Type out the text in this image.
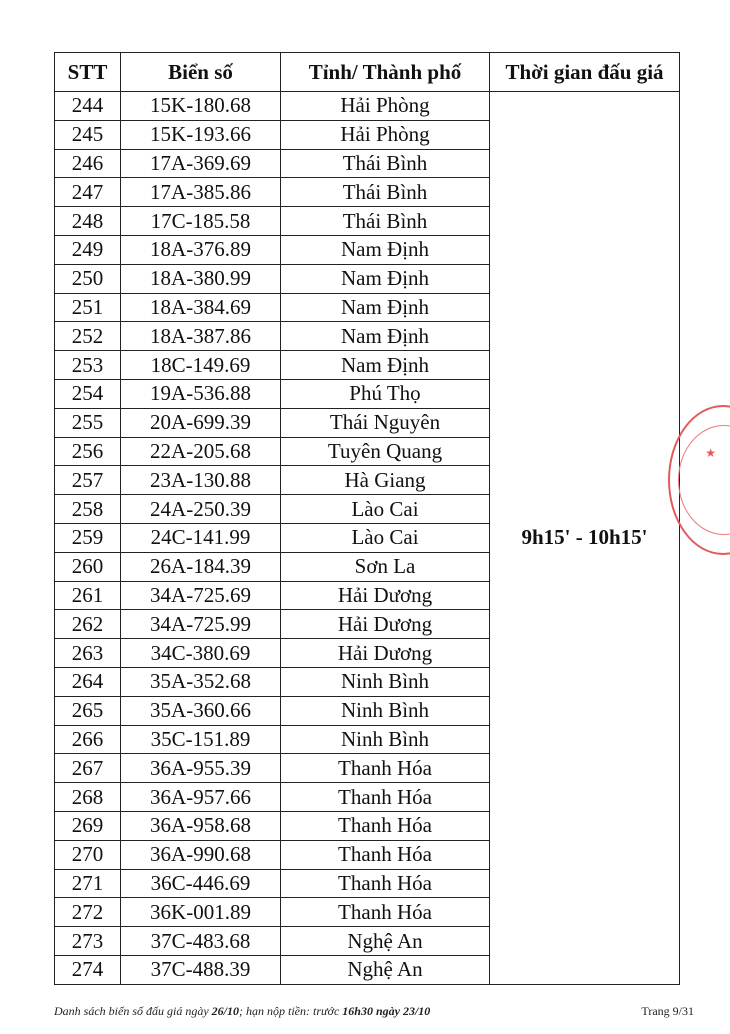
STT	Biển số	Tỉnh/ Thành phố	Thời gian đấu giá
244	15K-180.68	Hải Phòng	9h15' - 10h15'
245	15K-193.66	Hải Phòng	
246	17A-369.69	Thái Bình	
247	17A-385.86	Thái Bình	
248	17C-185.58	Thái Bình	
249	18A-376.89	Nam Định	
250	18A-380.99	Nam Định	
251	18A-384.69	Nam Định	
252	18A-387.86	Nam Định	
253	18C-149.69	Nam Định	
254	19A-536.88	Phú Thọ	
255	20A-699.39	Thái Nguyên	
256	22A-205.68	Tuyên Quang	
257	23A-130.88	Hà Giang	
258	24A-250.39	Lào Cai	
259	24C-141.99	Lào Cai	
260	26A-184.39	Sơn La	
261	34A-725.69	Hải Dương	
262	34A-725.99	Hải Dương	
263	34C-380.69	Hải Dương	
264	35A-352.68	Ninh Bình	
265	35A-360.66	Ninh Bình	
266	35C-151.89	Ninh Bình	
267	36A-955.39	Thanh Hóa	
268	36A-957.66	Thanh Hóa	
269	36A-958.68	Thanh Hóa	
270	36A-990.68	Thanh Hóa	
271	36C-446.69	Thanh Hóa	
272	36K-001.89	Thanh Hóa	
273	37C-483.68	Nghệ An	
274	37C-488.39	Nghệ An	
★
Danh sách biển số đấu giá ngày 26/10; hạn nộp tiền: trước 16h30 ngày 23/10	Trang 9/31
